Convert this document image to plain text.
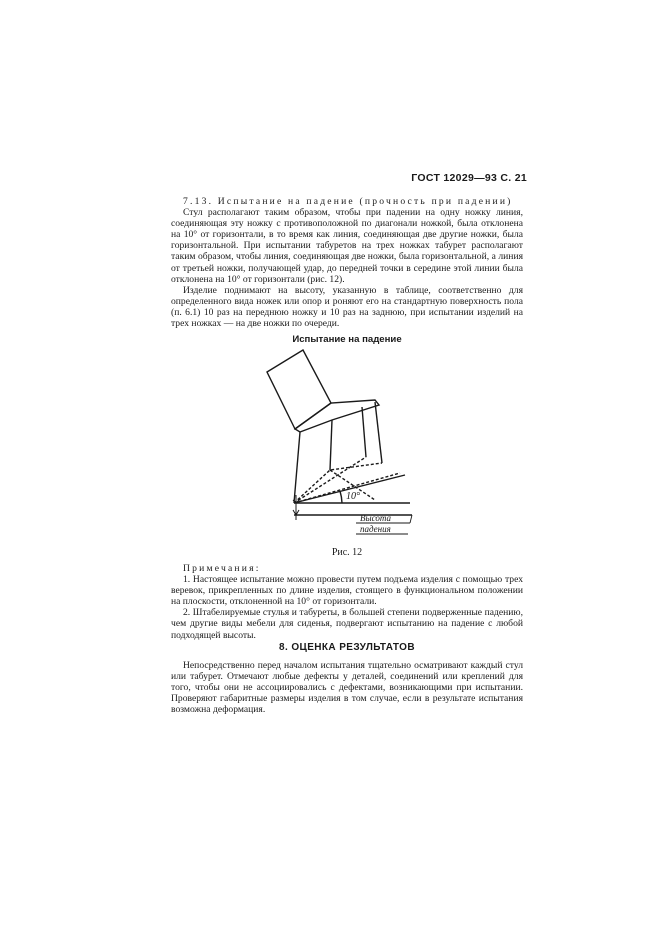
ГОСТ 12029—93 С. 21

7.13. Испытание на падение (прочность при падении)

Стул располагают таким образом, чтобы при падении на одну ножку линия, соединяющая эту ножку с противоположной по диагонали ножкой, была отклонена на 10° от горизонтали, в то время как линия, соединяющая две другие ножки, была горизонтальной. При испытании табуретов на трех ножках табурет располагают таким образом, чтобы линия, соединяющая две ножки, была горизонтальной, а линия от третьей ножки, получающей удар, до передней точки в середине этой линии была отклонена на 10° от горизонтали (рис. 12).

Изделие поднимают на высоту, указанную в таблице, соответственно для определенного вида ножек или опор и роняют его на стандартную поверхность пола (п. 6.1) 10 раз на переднюю ножку и 10 раз на заднюю, при испытании изделий на трех ножках — на две ножки по очереди.

Испытание на падение
10°
Высота
падения
Рис. 12

Примечания:

1. Настоящее испытание можно провести путем подъема изделия с помощью трех веревок, прикрепленных по длине изделия, стоящего в функциональном положении на плоскости, отклоненной на 10° от горизонтали.

2. Штабелируемые стулья и табуреты, в большей степени подверженные падению, чем другие виды мебели для сиденья, подвергают испытанию на падение с любой подходящей высоты.

8. ОЦЕНКА РЕЗУЛЬТАТОВ

Непосредственно перед началом испытания тщательно осматривают каждый стул или табурет. Отмечают любые дефекты у деталей, соединений или креплений для того, чтобы они не ассоциировались с дефектами, возникающими при испытании. Проверяют габаритные размеры изделия в том случае, если в результате испытания возможна деформация.
